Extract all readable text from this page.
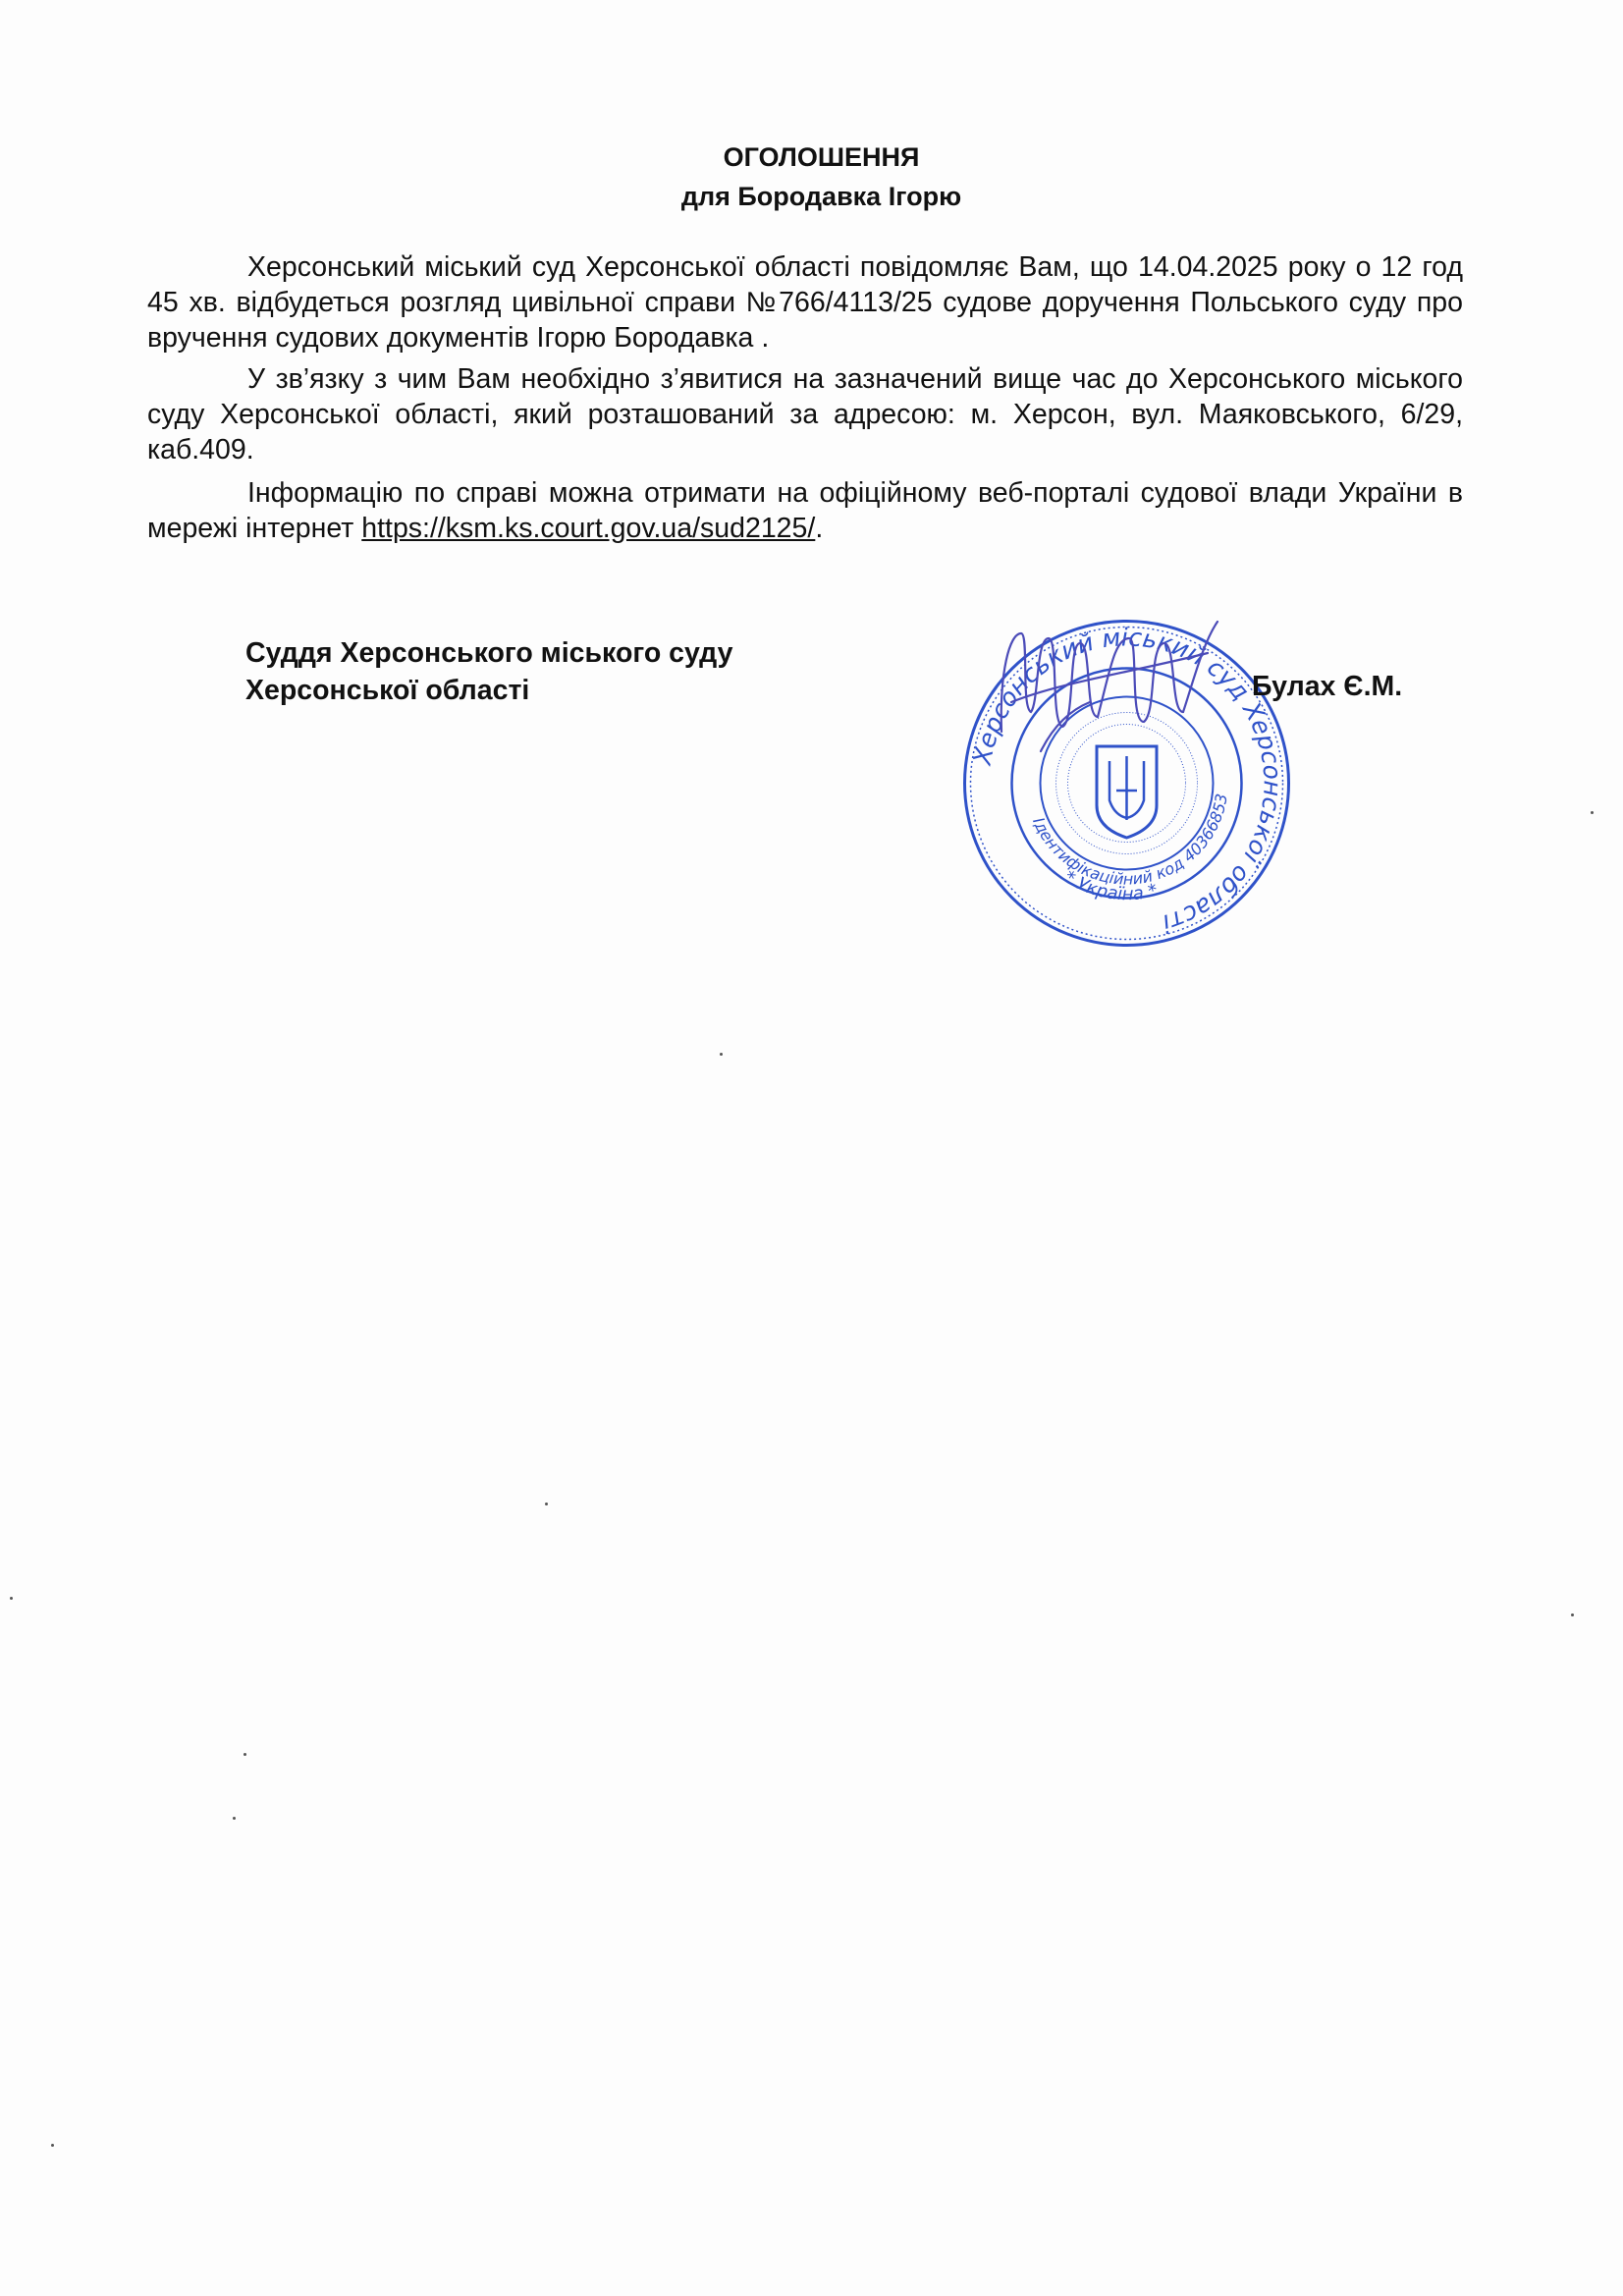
ОГОЛОШЕННЯ
для Бородавка Ігорю

Херсонський міський суд Херсонської області повідомляє Вам, що 14.04.2025 року о 12 год 45 хв. відбудеться розгляд цивільної справи №766/4113/25 судове доручення Польського суду про вручення судових документів Ігорю Бородавка .

У зв’язку з чим Вам необхідно з’явитися на зазначений вище час до Херсонського міського суду Херсонської області, який розташований за адресою: м. Херсон, вул. Маяковського, 6/29, каб.409.

Інформацію по справі можна отримати на офіційному веб-порталі судової влади України в мережі інтернет https://ksm.ks.court.gov.ua/sud2125/.

Суддя Херсонського міського суду
Херсонської області
Херсонський міський суд Херсонської області
Ідентифікаційний код 40366853
* Україна *
Булах Є.М.
